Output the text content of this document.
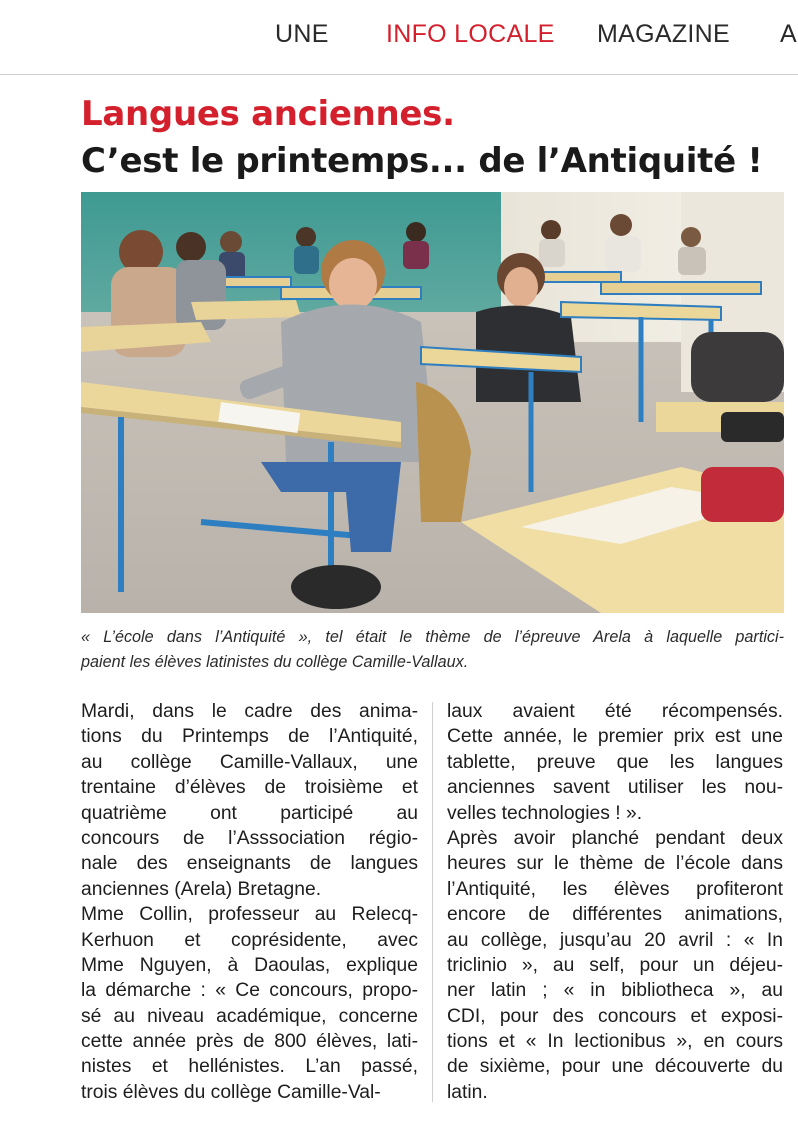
UNE INFO LOCALE MAGAZINE A
Langues anciennes.
C’est le printemps... de l’Antiquité !
« L’école dans l’Antiquité », tel était le thème de l’épreuve Arela à laquelle partici-
paient les élèves latinistes du collège Camille-Vallaux.
Mardi, dans le cadre des anima-
tions du Printemps de l’Antiquité,
au collège Camille-Vallaux, une
trentaine d’élèves de troisième et
quatrième ont participé au
concours de l’Asssociation régio-
nale des enseignants de langues
anciennes (Arela) Bretagne.
Mme Collin, professeur au Relecq-
Kerhuon et coprésidente, avec
Mme Nguyen, à Daoulas, explique
la démarche : « Ce concours, propo-
sé au niveau académique, concerne
cette année près de 800 élèves, lati-
nistes et hellénistes. L’an passé,
trois élèves du collège Camille-Val-
laux avaient été récompensés.
Cette année, le premier prix est une
tablette, preuve que les langues
anciennes savent utiliser les nou-
velles technologies ! ».
Après avoir planché pendant deux
heures sur le thème de l’école dans
l’Antiquité, les élèves profiteront
encore de différentes animations,
au collège, jusqu’au 20 avril : « In
triclinio », au self, pour un déjeu-
ner latin ; « in bibliotheca », au
CDI, pour des concours et exposi-
tions et « In lectionibus », en cours
de sixième, pour une découverte du
latin.
